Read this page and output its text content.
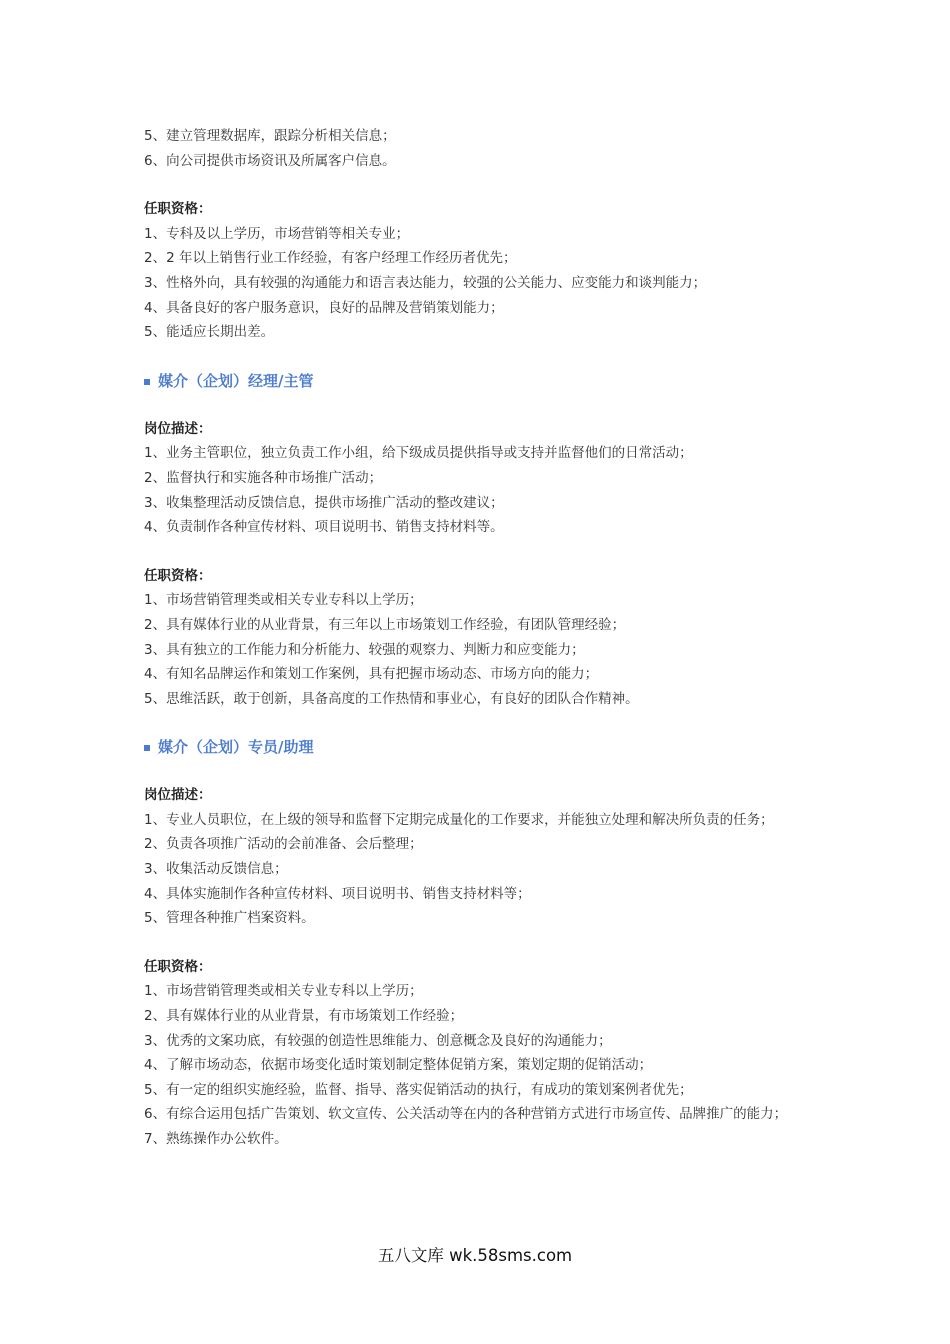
5、建立管理数据库，跟踪分析相关信息；

6、向公司提供市场资讯及所属客户信息。

任职资格：

1、专科及以上学历，市场营销等相关专业；

2、2 年以上销售行业工作经验，有客户经理工作经历者优先；

3、性格外向，具有较强的沟通能力和语言表达能力，较强的公关能力、应变能力和谈判能力；

4、具备良好的客户服务意识，良好的品牌及营销策划能力；

5、能适应长期出差。

媒介（企划）经理/主管

岗位描述：

1、业务主管职位，独立负责工作小组，给下级成员提供指导或支持并监督他们的日常活动；

2、监督执行和实施各种市场推广活动；

3、收集整理活动反馈信息，提供市场推广活动的整改建议；

4、负责制作各种宣传材料、项目说明书、销售支持材料等。

任职资格：

1、市场营销管理类或相关专业专科以上学历；

2、具有媒体行业的从业背景，有三年以上市场策划工作经验，有团队管理经验；

3、具有独立的工作能力和分析能力、较强的观察力、判断力和应变能力；

4、有知名品牌运作和策划工作案例，具有把握市场动态、市场方向的能力；

5、思维活跃，敢于创新，具备高度的工作热情和事业心，有良好的团队合作精神。

媒介（企划）专员/助理

岗位描述：

1、专业人员职位，在上级的领导和监督下定期完成量化的工作要求，并能独立处理和解决所负责的任务；

2、负责各项推广活动的会前准备、会后整理；

3、收集活动反馈信息；

4、具体实施制作各种宣传材料、项目说明书、销售支持材料等；

5、管理各种推广档案资料。

任职资格：

1、市场营销管理类或相关专业专科以上学历；

2、具有媒体行业的从业背景，有市场策划工作经验；

3、优秀的文案功底，有较强的创造性思维能力、创意概念及良好的沟通能力；

4、了解市场动态，依据市场变化适时策划制定整体促销方案，策划定期的促销活动；

5、有一定的组织实施经验，监督、指导、落实促销活动的执行，有成功的策划案例者优先；

6、有综合运用包括广告策划、软文宣传、公关活动等在内的各种营销方式进行市场宣传、品牌推广的能力；

7、熟练操作办公软件。

五八文库 wk.58sms.com
